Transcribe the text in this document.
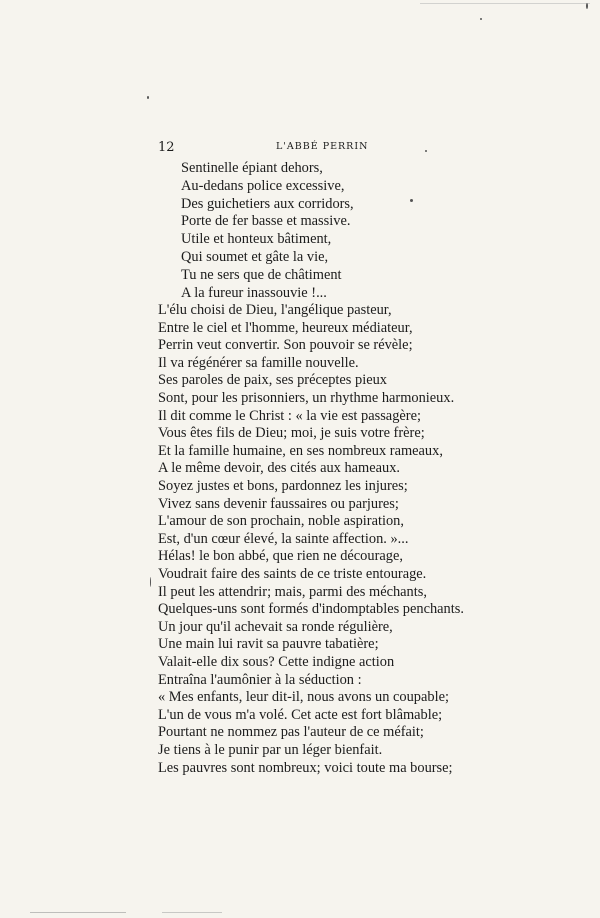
12	L'ABBÉ PERRIN
Sentinelle épiant dehors,
Au-dedans police excessive,
Des guichetiers aux corridors,
Porte de fer basse et massive.
Utile et honteux bâtiment,
Qui soumet et gâte la vie,
Tu ne sers que de châtiment
A la fureur inassouvie !...
L'élu choisi de Dieu, l'angélique pasteur,
Entre le ciel et l'homme, heureux médiateur,
Perrin veut convertir. Son pouvoir se révèle;
Il va régénérer sa famille nouvelle.
Ses paroles de paix, ses préceptes pieux
Sont, pour les prisonniers, un rhythme harmonieux.
Il dit comme le Christ : « la vie est passagère;
Vous êtes fils de Dieu; moi, je suis votre frère;
Et la famille humaine, en ses nombreux rameaux,
A le même devoir, des cités aux hameaux.
Soyez justes et bons, pardonnez les injures;
Vivez sans devenir faussaires ou parjures;
L'amour de son prochain, noble aspiration,
Est, d'un cœur élevé, la sainte affection. »...
Hélas! le bon abbé, que rien ne décourage,
Voudrait faire des saints de ce triste entourage.
Il peut les attendrir; mais, parmi des méchants,
Quelques-uns sont formés d'indomptables penchants.
Un jour qu'il achevait sa ronde régulière,
Une main lui ravit sa pauvre tabatière;
Valait-elle dix sous? Cette indigne action
Entraîna l'aumônier à la séduction :
« Mes enfants, leur dit-il, nous avons un coupable;
L'un de vous m'a volé. Cet acte est fort blâmable;
Pourtant ne nommez pas l'auteur de ce méfait;
Je tiens à le punir par un léger bienfait.
Les pauvres sont nombreux; voici toute ma bourse;
